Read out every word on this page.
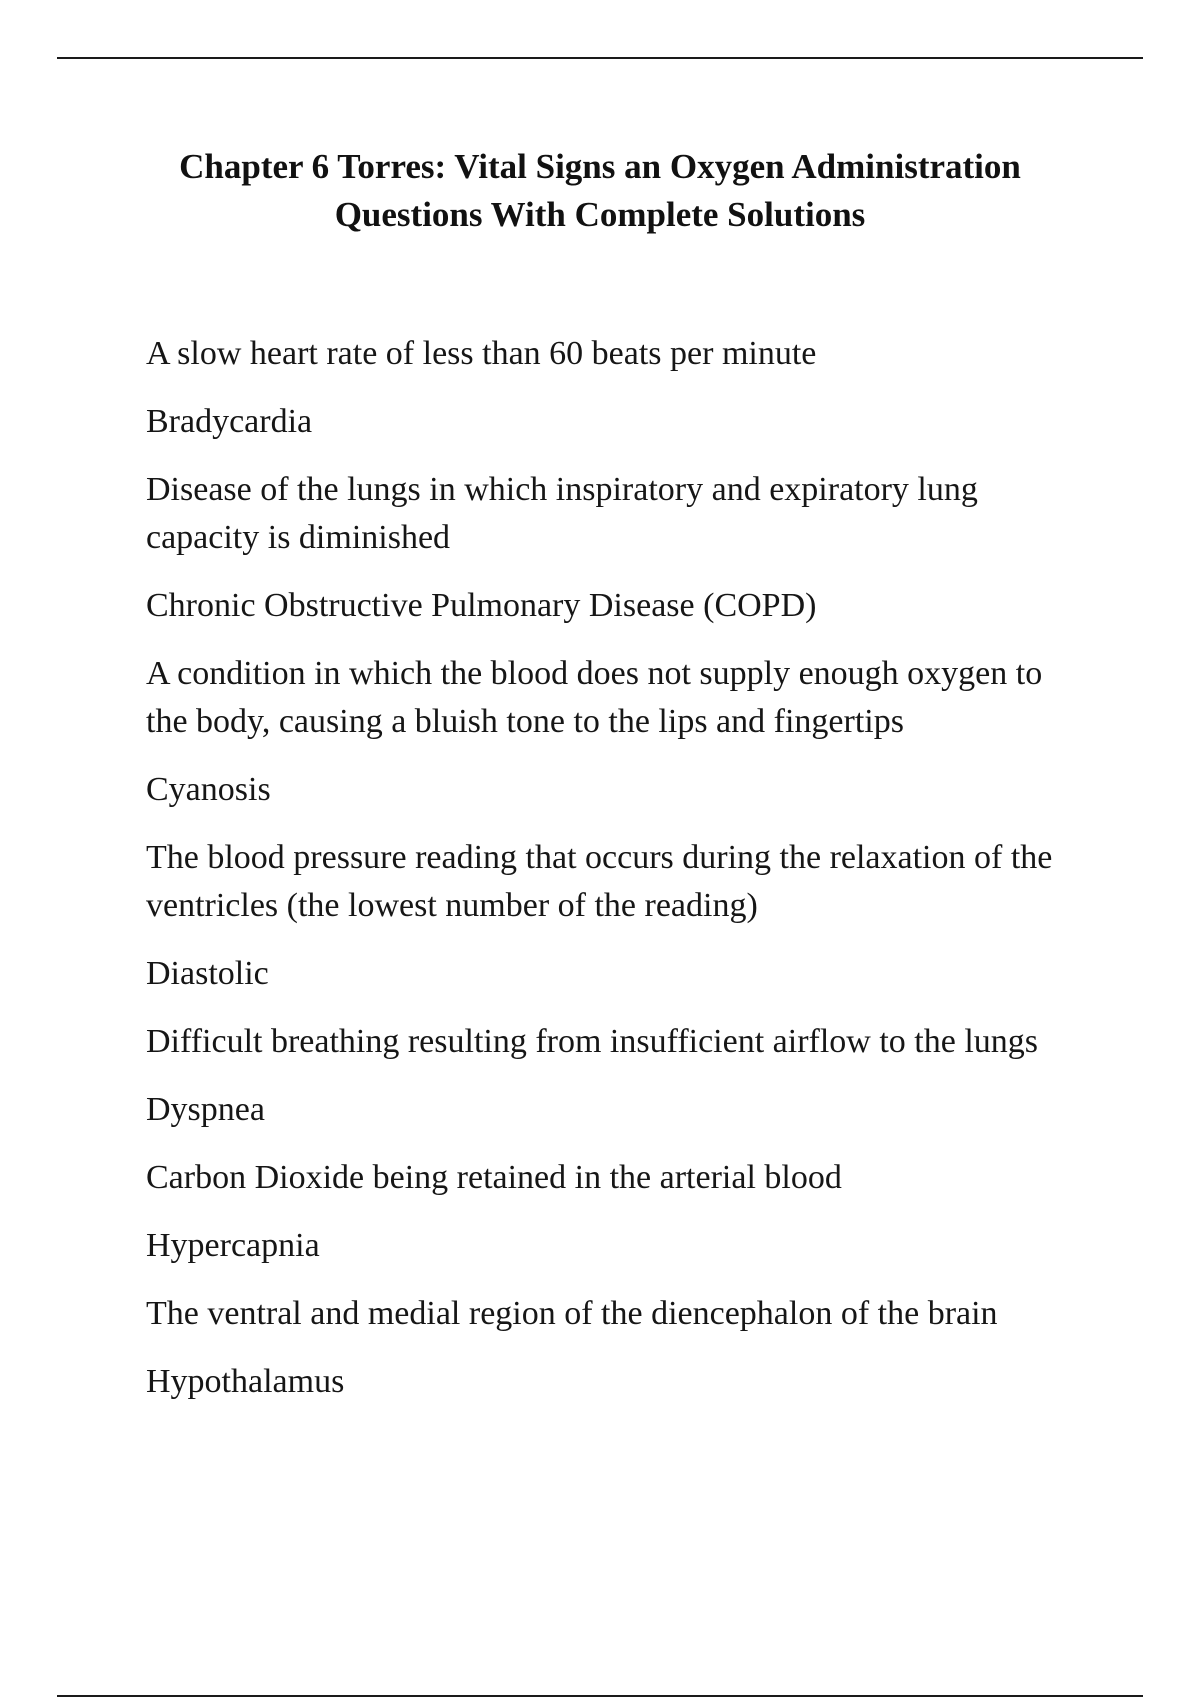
Chapter 6 Torres: Vital Signs an Oxygen Administration
Questions With Complete Solutions
A slow heart rate of less than 60 beats per minute
Bradycardia
Disease of the lungs in which inspiratory and expiratory lung capacity is diminished
Chronic Obstructive Pulmonary Disease (COPD)
A condition in which the blood does not supply enough oxygen to the body, causing a bluish tone to the lips and fingertips
Cyanosis
The blood pressure reading that occurs during the relaxation of the ventricles (the lowest number of the reading)
Diastolic
Difficult breathing resulting from insufficient airflow to the lungs
Dyspnea
Carbon Dioxide being retained in the arterial blood
Hypercapnia
The ventral and medial region of the diencephalon of the brain
Hypothalamus
